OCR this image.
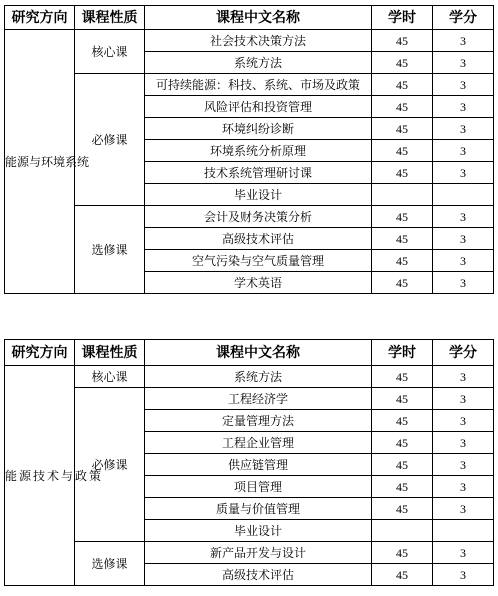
研究方向	课程性质	课程中文名称	学时	学分
能源与环境系统	核心课	社会技术决策方法	45	3
		系统方法	45	3
	必修课	可持续能源：科技、系统、市场及政策	45	3
		风险评估和投资管理	45	3
		环境纠纷诊断	45	3
		环境系统分析原理	45	3
		技术系统管理研讨课	45	3
		毕业设计		
	选修课	会计及财务决策分析	45	3
		高级技术评估	45	3
		空气污染与空气质量管理	45	3
		学术英语	45	3
研究方向	课程性质	课程中文名称	学时	学分
能源技术与政策	核心课	系统方法	45	3
	必修课	工程经济学	45	3
		定量管理方法	45	3
		工程企业管理	45	3
		供应链管理	45	3
		项目管理	45	3
		质量与价值管理	45	3
		毕业设计		
	选修课	新产品开发与设计	45	3
		高级技术评估	45	3
